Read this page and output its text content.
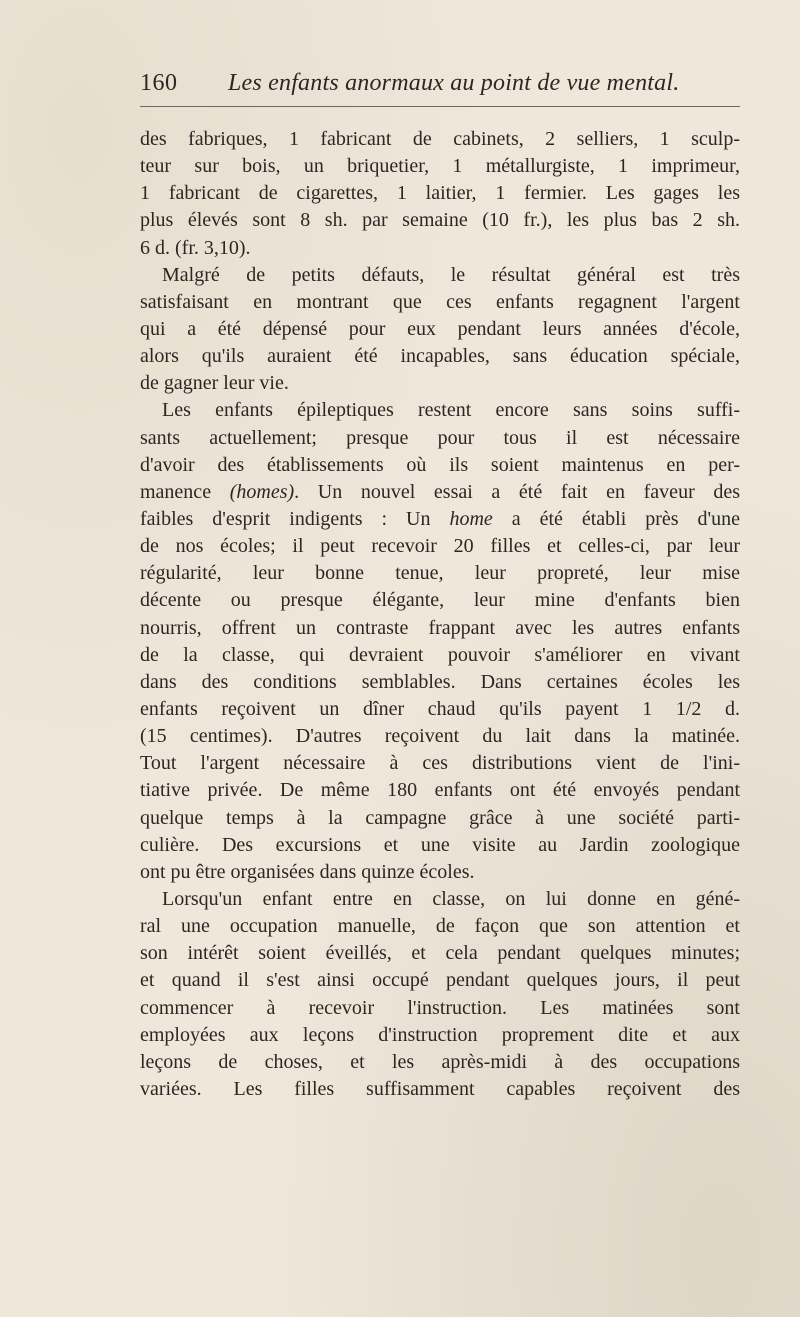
160 Les enfants anormaux au point de vue mental.
des fabriques, 1 fabricant de cabinets, 2 selliers, 1 sculp-
teur sur bois, un briquetier, 1 métallurgiste, 1 imprimeur,
1 fabricant de cigarettes, 1 laitier, 1 fermier. Les gages les
plus élevés sont 8 sh. par semaine (10 fr.), les plus bas 2 sh.
6 d. (fr. 3,10).
Malgré de petits défauts, le résultat général est très
satisfaisant en montrant que ces enfants regagnent l'argent
qui a été dépensé pour eux pendant leurs années d'école,
alors qu'ils auraient été incapables, sans éducation spéciale,
de gagner leur vie.
Les enfants épileptiques restent encore sans soins suffi-
sants actuellement; presque pour tous il est nécessaire
d'avoir des établissements où ils soient maintenus en per-
manence (homes). Un nouvel essai a été fait en faveur des
faibles d'esprit indigents : Un home a été établi près d'une
de nos écoles; il peut recevoir 20 filles et celles-ci, par leur
régularité, leur bonne tenue, leur propreté, leur mise
décente ou presque élégante, leur mine d'enfants bien
nourris, offrent un contraste frappant avec les autres enfants
de la classe, qui devraient pouvoir s'améliorer en vivant
dans des conditions semblables. Dans certaines écoles les
enfants reçoivent un dîner chaud qu'ils payent 1 1/2 d.
(15 centimes). D'autres reçoivent du lait dans la matinée.
Tout l'argent nécessaire à ces distributions vient de l'ini-
tiative privée. De même 180 enfants ont été envoyés pendant
quelque temps à la campagne grâce à une société parti-
culière. Des excursions et une visite au Jardin zoologique
ont pu être organisées dans quinze écoles.
Lorsqu'un enfant entre en classe, on lui donne en géné-
ral une occupation manuelle, de façon que son attention et
son intérêt soient éveillés, et cela pendant quelques minutes;
et quand il s'est ainsi occupé pendant quelques jours, il peut
commencer à recevoir l'instruction. Les matinées sont
employées aux leçons d'instruction proprement dite et aux
leçons de choses, et les après-midi à des occupations
variées. Les filles suffisamment capables reçoivent des
